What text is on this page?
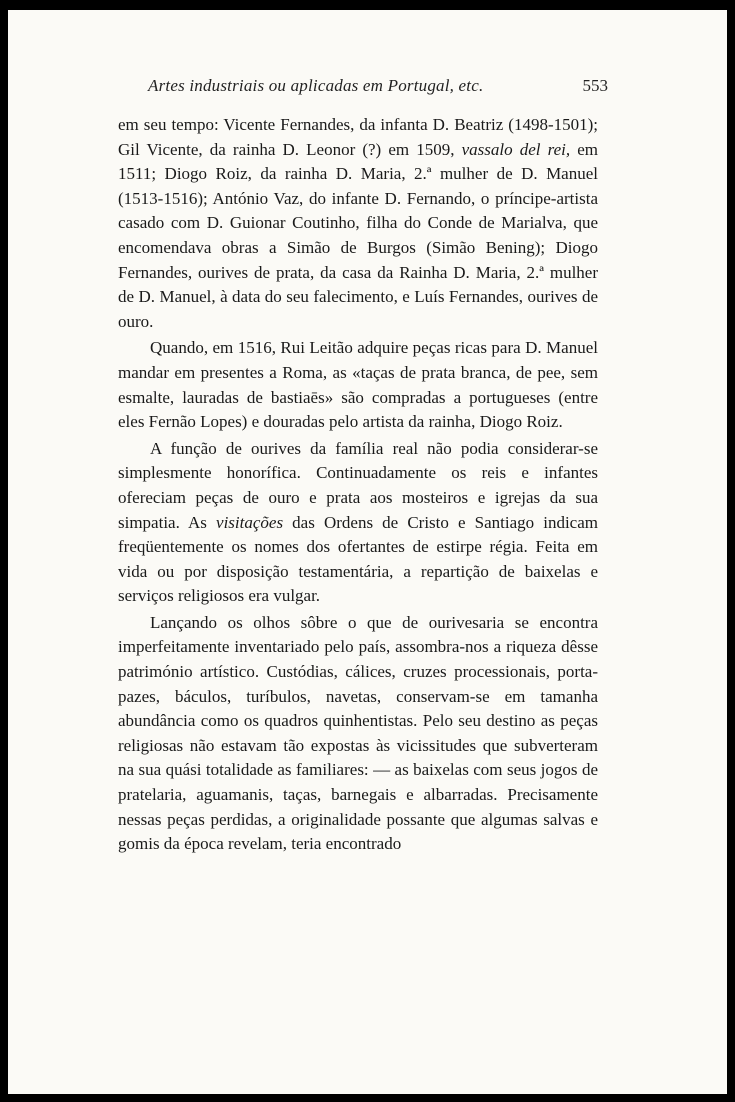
Artes industriais ou aplicadas em Portugal, etc.	553

em seu tempo: Vicente Fernandes, da infanta D. Beatriz (1498-1501); Gil Vicente, da rainha D. Leonor (?) em 1509, vassalo del rei, em 1511; Diogo Roiz, da rainha D. Maria, 2.ª mulher de D. Manuel (1513-1516); António Vaz, do infante D. Fernando, o príncipe-artista casado com D. Guionar Coutinho, filha do Conde de Marialva, que encomendava obras a Simão de Burgos (Simão Bening); Diogo Fernandes, ourives de prata, da casa da Rainha D. Maria, 2.ª mulher de D. Manuel, à data do seu falecimento, e Luís Fernandes, ourives de ouro.

Quando, em 1516, Rui Leitão adquire peças ricas para D. Manuel mandar em presentes a Roma, as «taças de prata branca, de pee, sem esmalte, lauradas de bastiaēs» são compradas a portugueses (entre eles Fernão Lopes) e douradas pelo artista da rainha, Diogo Roiz.

A função de ourives da família real não podia considerar-se simplesmente honorífica. Continuadamente os reis e infantes ofereciam peças de ouro e prata aos mosteiros e igrejas da sua simpatia. As visitações das Ordens de Cristo e Santiago indicam freqüentemente os nomes dos ofertantes de estirpe régia. Feita em vida ou por disposição testamentária, a repartição de baixelas e serviços religiosos era vulgar.

Lançando os olhos sôbre o que de ourivesaria se encontra imperfeitamente inventariado pelo país, assombra-nos a riqueza dêsse património artístico. Custódias, cálices, cruzes processionais, porta-pazes, báculos, turíbulos, navetas, conservam-se em tamanha abundância como os quadros quinhentistas. Pelo seu destino as peças religiosas não estavam tão expostas às vicissitudes que subverteram na sua quási totalidade as familiares: — as baixelas com seus jogos de pratelaria, aguamanis, taças, barnegais e albarradas. Precisamente nessas peças perdidas, a originalidade possante que algumas salvas e gomis da época revelam, teria encontrado
